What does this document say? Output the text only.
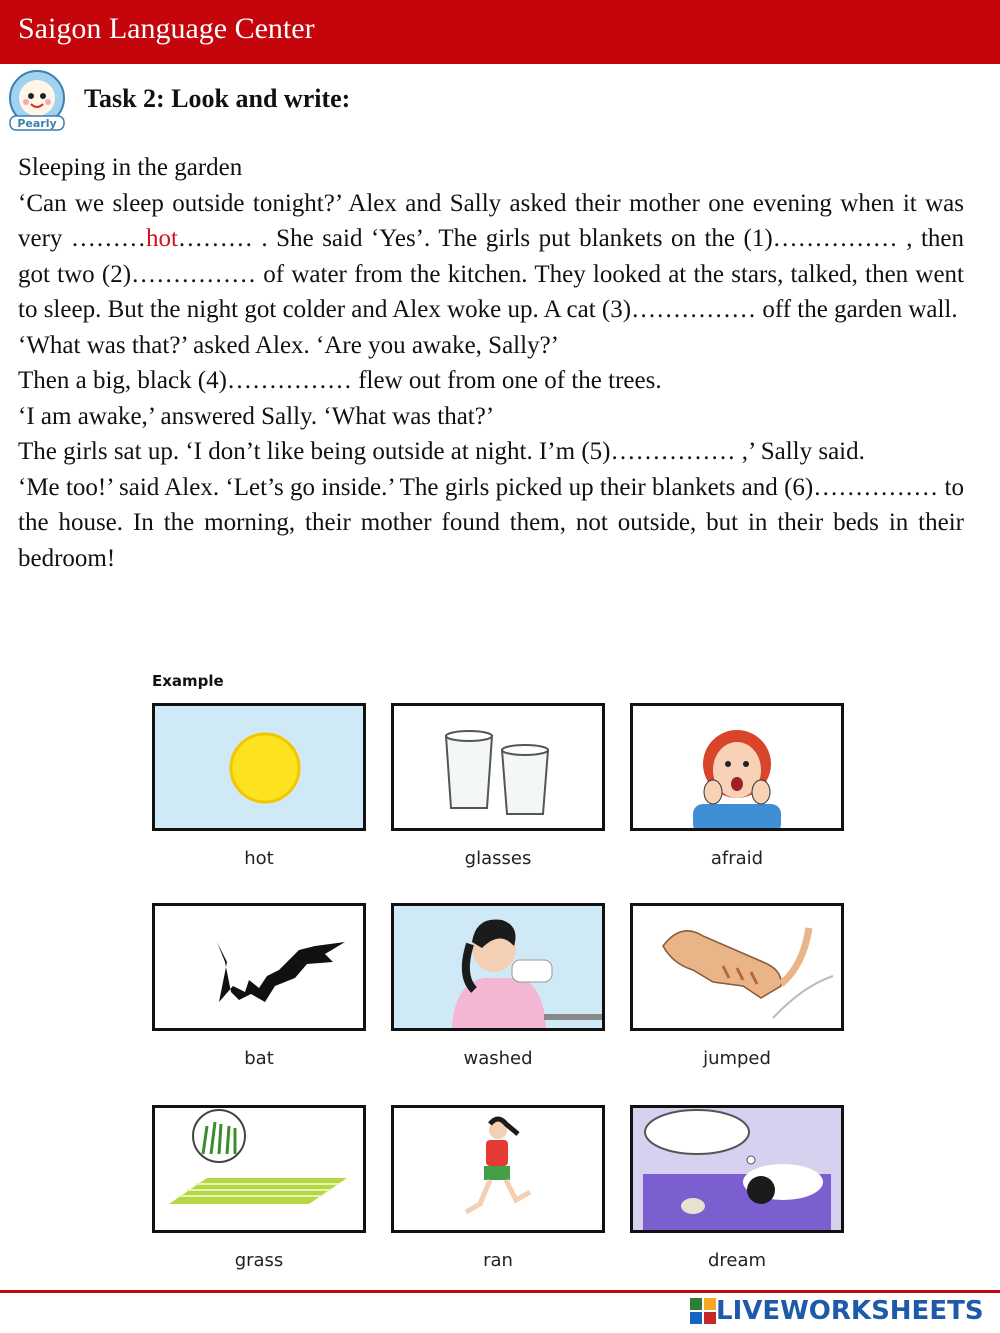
Saigon Language Center
Pearly
Task 2: Look and write:

Sleeping in the garden

‘Can we sleep outside tonight?’ Alex and Sally asked their mother one evening when it was very ………hot……… . She said ‘Yes’. The girls put blankets on the (1)…………… , then got two (2)…………… of water from the kitchen. They looked at the stars, talked, then went to sleep. But the night got colder and Alex woke up. A cat (3)…………… off the garden wall.

‘What was that?’ asked Alex. ‘Are you awake, Sally?’

Then a big, black (4)…………… flew out from one of the trees.

‘I am awake,’ answered Sally. ‘What was that?’

The girls sat up. ‘I don’t like being outside at night. I’m (5)…………… ,’ Sally said.

‘Me too!’ said Alex. ‘Let’s go inside.’ The girls picked up their blankets and (6)…………… to the house. In the morning, their mother found them, not outside, but in their beds in their bedroom!

Example
hot	glasses	afraid
bat	washed	jumped
grass	ran	dream
LIVEWORKSHEETS
